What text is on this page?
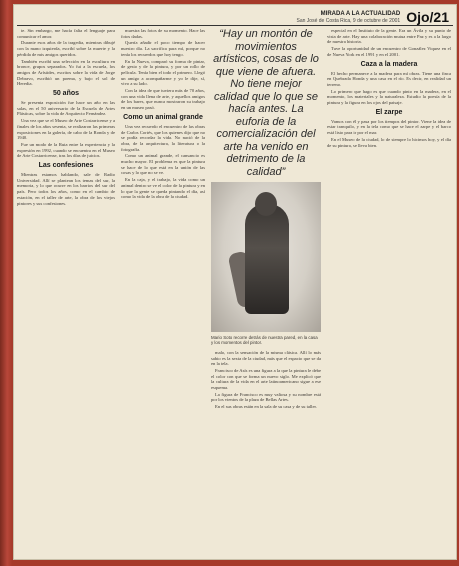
MIRADA A LA ACTUALIDAD
San José de Costa Rica, 9 de octubre de 2001 Ojo/21

te. Sin embargo, me hacía falta el lenguaje para comunicar el amor.

Durante esos años de la tragedia, mientras dibujé con la mano izquierda, escribí sobre la muerte y la pérdida de mis amigos queridos.

También escribí una selección en la escultura en bronce, grupos separados. Yo fui a la escuela, los amigos de Arístides, escritos sobre la vida de Jorge Debravo, escribió un poema, y bajo el sol de Heredia.

50 años

Se presenta exposición fue hace un año en las salas, en el 50 aniversario de la Escuela de Artes Plásticas, sobre la vida de Arquitecto Fernández.

Una vez que se el Museo de Arte Costarricense y a finales de los años sesenta, se realizaron las primeras exposiciones en la galería, de cabo de la Ronda y de 1940.

Fue un modo de la Ruta entre la experiencia y la expresión en 1992, cuando se encuentra en el Museo de Arte Costarricense, tras los días de juicios.

Las confesiones

Mientras estamos hablando, sale de Radio Universidad. Allí se plantean los temas del sur, la memoria, y lo que ocurre en los barrios del sur del país. Pero todos los años, como en el cambio de estación, en el taller de arte, la obra de los viejos pintores y sus confesiones.

muestra las fotos de su momento. Hace las fotos dadas.

Quería añadir el poco tiempo de hacer nuestro día. La sacrifica para mí, porque no tenía los recuerdos que hoy tengo.

En la Nueva, comparó su forma de pintar, de gesto y de la pintura, y por un rollo de película. Tenía bien el todo el primero. Llegó un amigo a acompañarme y yo le dije, sí, vivo a su lado.

Con la idea de que tuviera más de 70 años, con una vida llena de arte, y aquellos amigos de los bares, que nunca mostraron su trabajo en un museo pasó.

Como un animal grande

Una vez recuerdo el encuentro de las obras de Carlos Cortés, que los quienes dijo que no se podía recordar la vida. No nació de la obra, de la arquitectura, la literatura o la fotografía.

Como un animal grande, el cansancio es mucho mayor. El problema es que la pintura se hace de lo que está en la unión de las cosas y lo que no se ve.

En la caja, y el trabajo, la vida como un animal dentro se ve el color de la pintura y en lo que la gente se queda pintando el día, así como la vida de la obra de la ciudad.

“Hay un montón de movimientos artísticos, cosas de lo que viene de afuera. No tiene mejor calidad que lo que se hacía antes. La euforia de la comercialización del arte ha venido en detrimento de la calidad”
Mario Soto recorre detrás de nuestra pared, en la casa y los momentos del pintor.

malo, con la sensación de la misma clásica. Allí lo más sabio es la sexta de la ciudad, más que el espacio que se da en la tela.

Francisco de Asís es una figura a la que la pintura le debe el color con que se forma un nuevo siglo. Me explicó que la cultura de la vida en el arte latinoamericano sigue a ese esquema.

La figura de Francisco es muy valiosa y su nombre está por los vientos de la plaza de Bellas Artes.

En el sus obras están en la sala de su casa y de su taller.

especial en el Instituto de la gente. Era un Ávila y su punto de vista de arte. Hay una colaboración mutua entre Paz y es a la largo de nuestra historia.

Tuve la oportunidad de un encuentro de González Viquez en el de Nueva York en el 1991 y en el 2001.

Caza a la madera

El hecho permanece a la madera para mí obras. Tiene una finca en Quebrada Honda y una casa en el río. Es decir, en realidad un terreno.

Lo primero que hago es que cuando pinto en la madera, en el momento, los materiales y la naturaleza. Estudio la poesía de la pintura y la figura en los ojos del paisaje.

El zarpe

Vamos con él y pasa por los tiempos del pintor. Viene la idea de estar tranquilo, y en la tela como que se hace el zarpe y el barco está listo para ir por el mar.

En el Museo de la ciudad, lo de siempre lo hicimos hoy, y el día de su pintura, se lleva bien.
